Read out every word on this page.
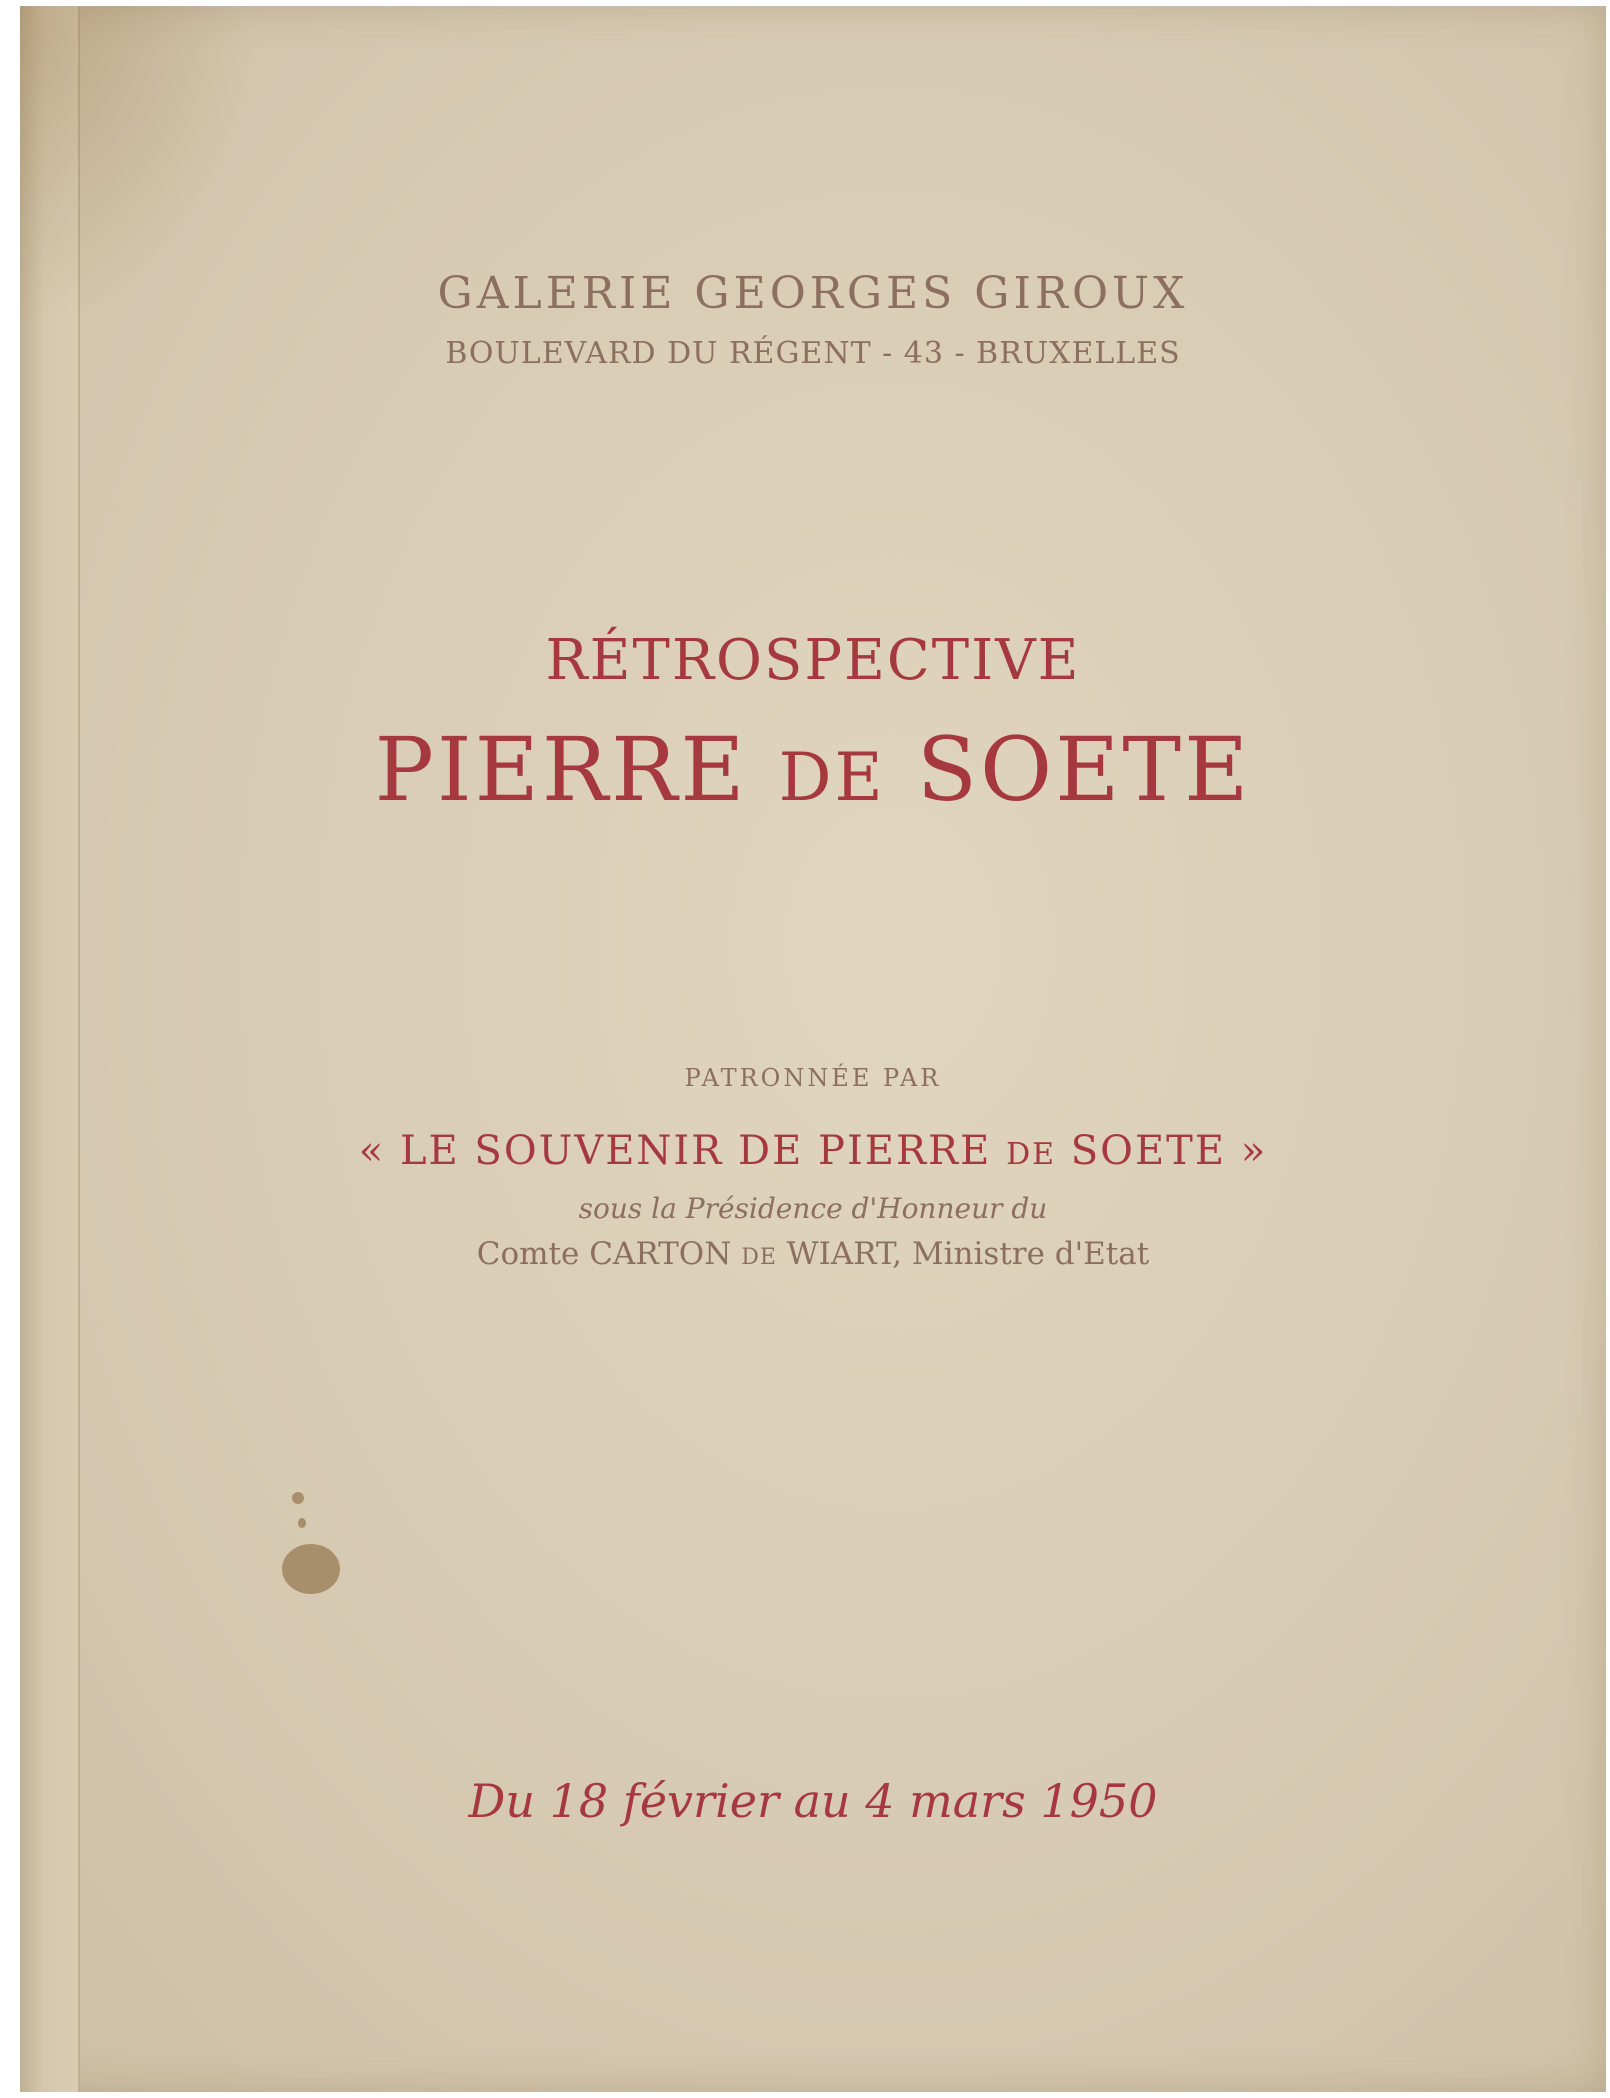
GALERIE GEORGES GIROUX
BOULEVARD DU RÉGENT - 43 - BRUXELLES
RÉTROSPECTIVE
PIERRE DE SOETE
PATRONNÉE PAR
« LE SOUVENIR DE PIERRE DE SOETE »
sous la Présidence d'Honneur du
Comte CARTON DE WIART, Ministre d'Etat
Du 18 février au 4 mars 1950
